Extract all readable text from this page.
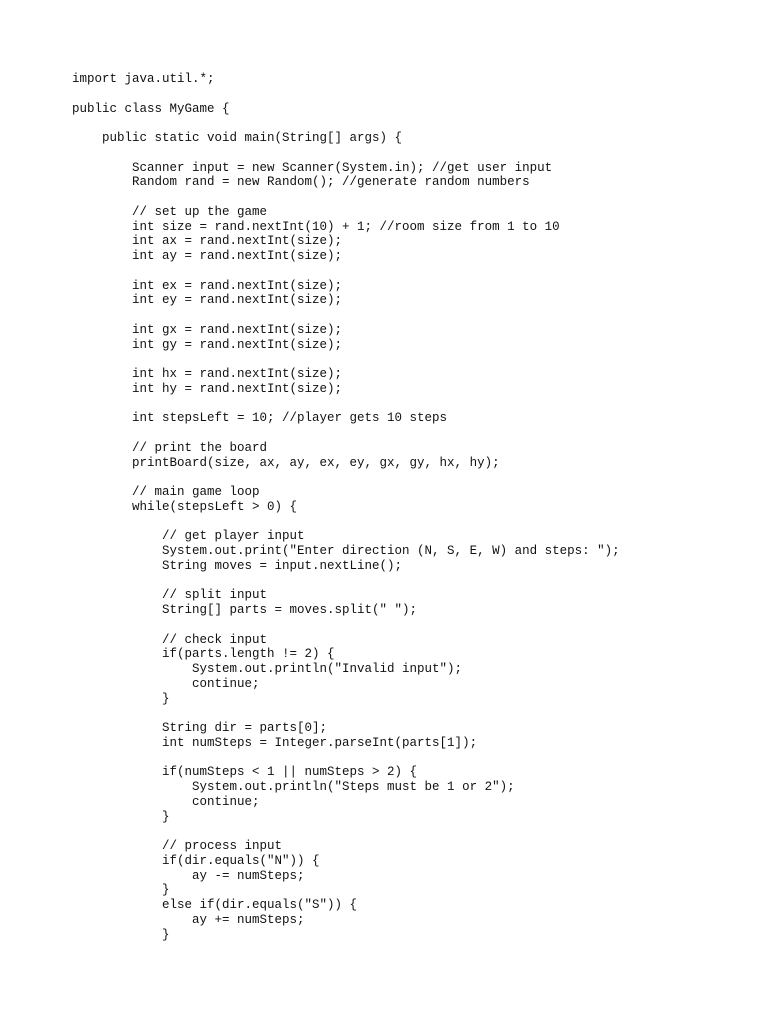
import java.util.*;
public class MyGame {
public static void main(String[] args) {
Scanner input = new Scanner(System.in); //get user input
Random rand = new Random(); //generate random numbers
// set up the game
int size = rand.nextInt(10) + 1; //room size from 1 to 10
int ax = rand.nextInt(size);
int ay = rand.nextInt(size);
int ex = rand.nextInt(size);
int ey = rand.nextInt(size);
int gx = rand.nextInt(size);
int gy = rand.nextInt(size);
int hx = rand.nextInt(size);
int hy = rand.nextInt(size);
int stepsLeft = 10; //player gets 10 steps
// print the board
printBoard(size, ax, ay, ex, ey, gx, gy, hx, hy);
// main game loop
while(stepsLeft > 0) {
// get player input
System.out.print("Enter direction (N, S, E, W) and steps: ");
String moves = input.nextLine();
// split input
String[] parts = moves.split(" ");
// check input
if(parts.length != 2) {
System.out.println("Invalid input");
continue;
}
String dir = parts[0];
int numSteps = Integer.parseInt(parts[1]);
if(numSteps < 1 || numSteps > 2) {
System.out.println("Steps must be 1 or 2");
continue;
}
// process input
if(dir.equals("N")) {
ay -= numSteps;
}
else if(dir.equals("S")) {
ay += numSteps;
}
